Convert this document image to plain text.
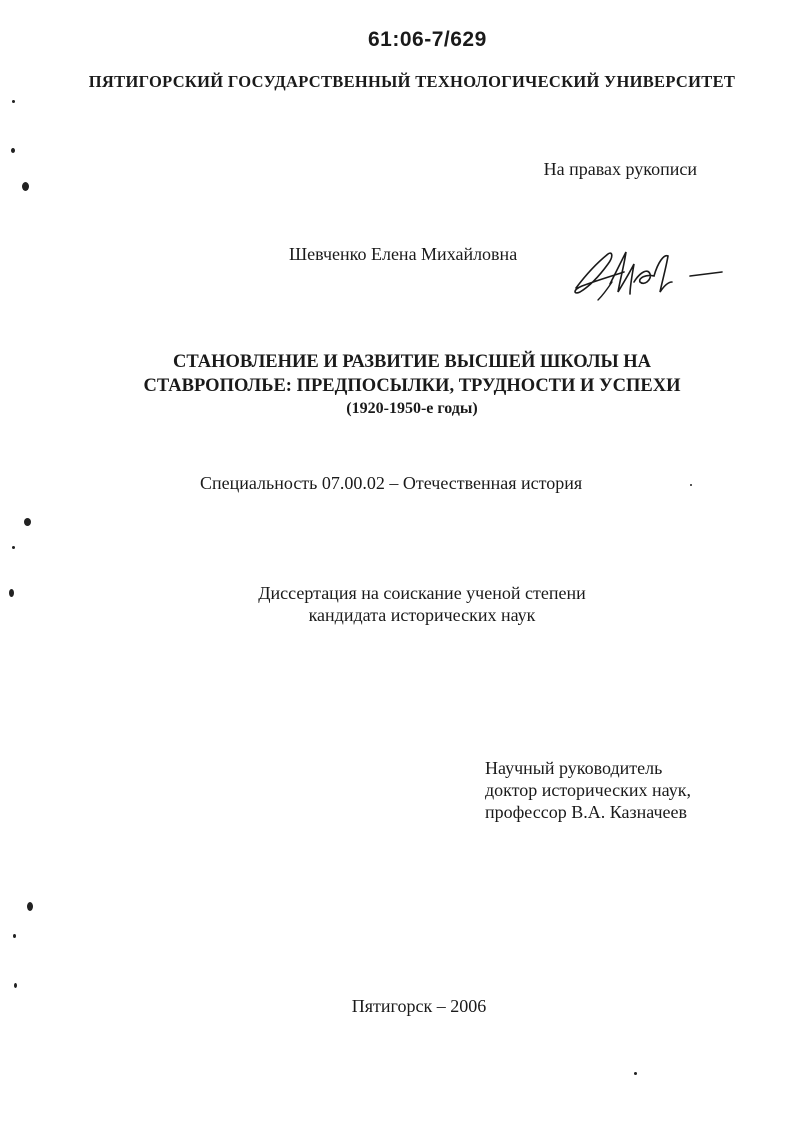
61:06-7/629
ПЯТИГОРСКИЙ ГОСУДАРСТВЕННЫЙ ТЕХНОЛОГИЧЕСКИЙ УНИВЕРСИТЕТ
На правах рукописи
Шевченко Елена Михайловна
СТАНОВЛЕНИЕ И РАЗВИТИЕ ВЫСШЕЙ ШКОЛЫ НА
СТАВРОПОЛЬЕ: ПРЕДПОСЫЛКИ, ТРУДНОСТИ И УСПЕХИ
(1920-1950-е годы)
Специальность 07.00.02 – Отечественная история
Диссертация на соискание ученой степени
кандидата исторических наук
Научный руководитель
доктор исторических наук,
профессор В.А. Казначеев
Пятигорск – 2006
